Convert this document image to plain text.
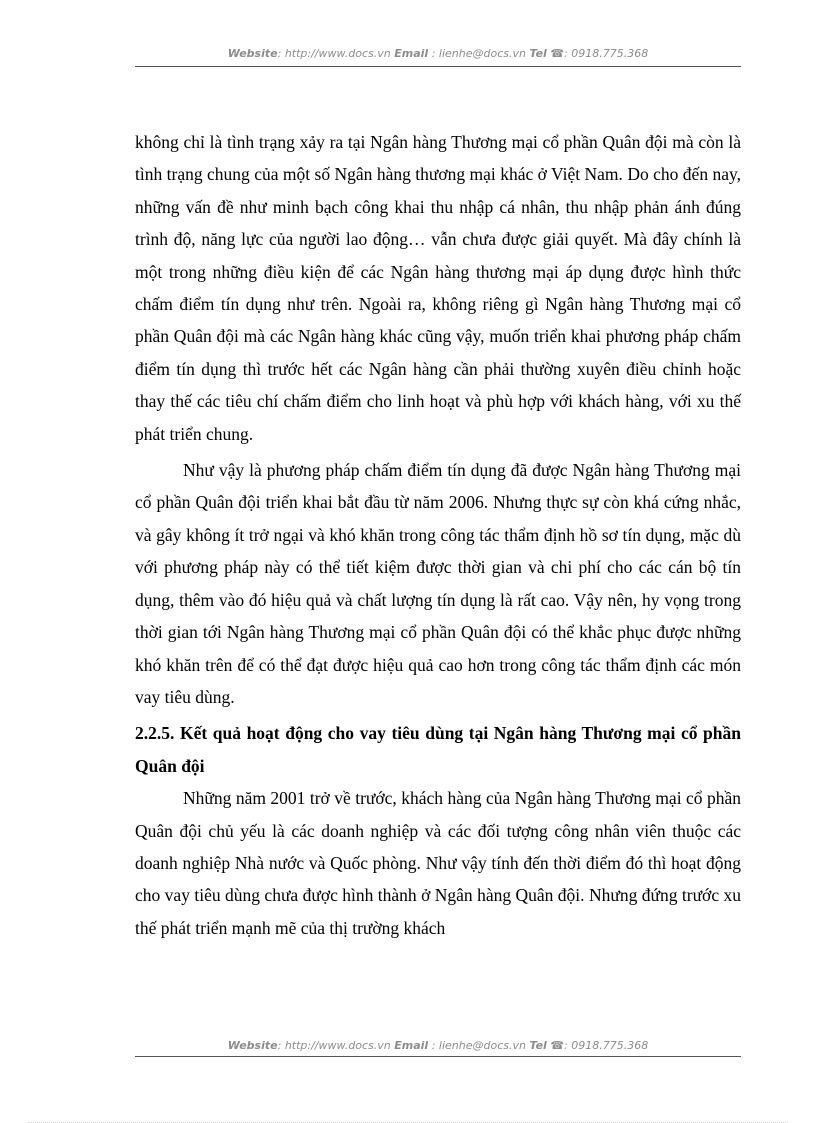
Website: http://www.docs.vn Email : lienhe@docs.vn Tel ☎: 0918.775.368

không chỉ là tình trạng xảy ra tại Ngân hàng Thương mại cổ phần Quân đội mà còn là tình trạng chung của một số Ngân hàng thương mại khác ở Việt Nam. Do cho đến nay, những vấn đề như minh bạch công khai thu nhập cá nhân, thu nhập phản ánh đúng trình độ, năng lực của người lao động… vẫn chưa được giải quyết. Mà đây chính là một trong những điều kiện để các Ngân hàng thương mại áp dụng được hình thức chấm điểm tín dụng như trên. Ngoài ra, không riêng gì Ngân hàng Thương mại cổ phần Quân đội mà các Ngân hàng khác cũng vậy, muốn triển khai phương pháp chấm điểm tín dụng thì trước hết các Ngân hàng cần phải thường xuyên điều chỉnh hoặc thay thế các tiêu chí chấm điểm cho linh hoạt và phù hợp với khách hàng, với xu thế phát triển chung.

Như vậy là phương pháp chấm điểm tín dụng đã được Ngân hàng Thương mại cổ phần Quân đội triển khai bắt đầu từ năm 2006. Nhưng thực sự còn khá cứng nhắc, và gây không ít trở ngại và khó khăn trong công tác thẩm định hồ sơ tín dụng, mặc dù với phương pháp này có thể tiết kiệm được thời gian và chi phí cho các cán bộ tín dụng, thêm vào đó hiệu quả và chất lượng tín dụng là rất cao. Vậy nên, hy vọng trong thời gian tới Ngân hàng Thương mại cổ phần Quân đội có thể khắc phục được những khó khăn trên để có thể đạt được hiệu quả cao hơn trong công tác thẩm định các món vay tiêu dùng.

2.2.5. Kết quả hoạt động cho vay tiêu dùng tại Ngân hàng Thương mại cổ phần Quân đội

Những năm 2001 trở về trước, khách hàng của Ngân hàng Thương mại cổ phần Quân đội chủ yếu là các doanh nghiệp và các đối tượng công nhân viên thuộc các doanh nghiệp Nhà nước và Quốc phòng. Như vậy tính đến thời điểm đó thì hoạt động cho vay tiêu dùng chưa được hình thành ở Ngân hàng Quân đội. Nhưng đứng trước xu thế phát triển mạnh mẽ của thị trường khách

Website: http://www.docs.vn Email : lienhe@docs.vn Tel ☎: 0918.775.368
